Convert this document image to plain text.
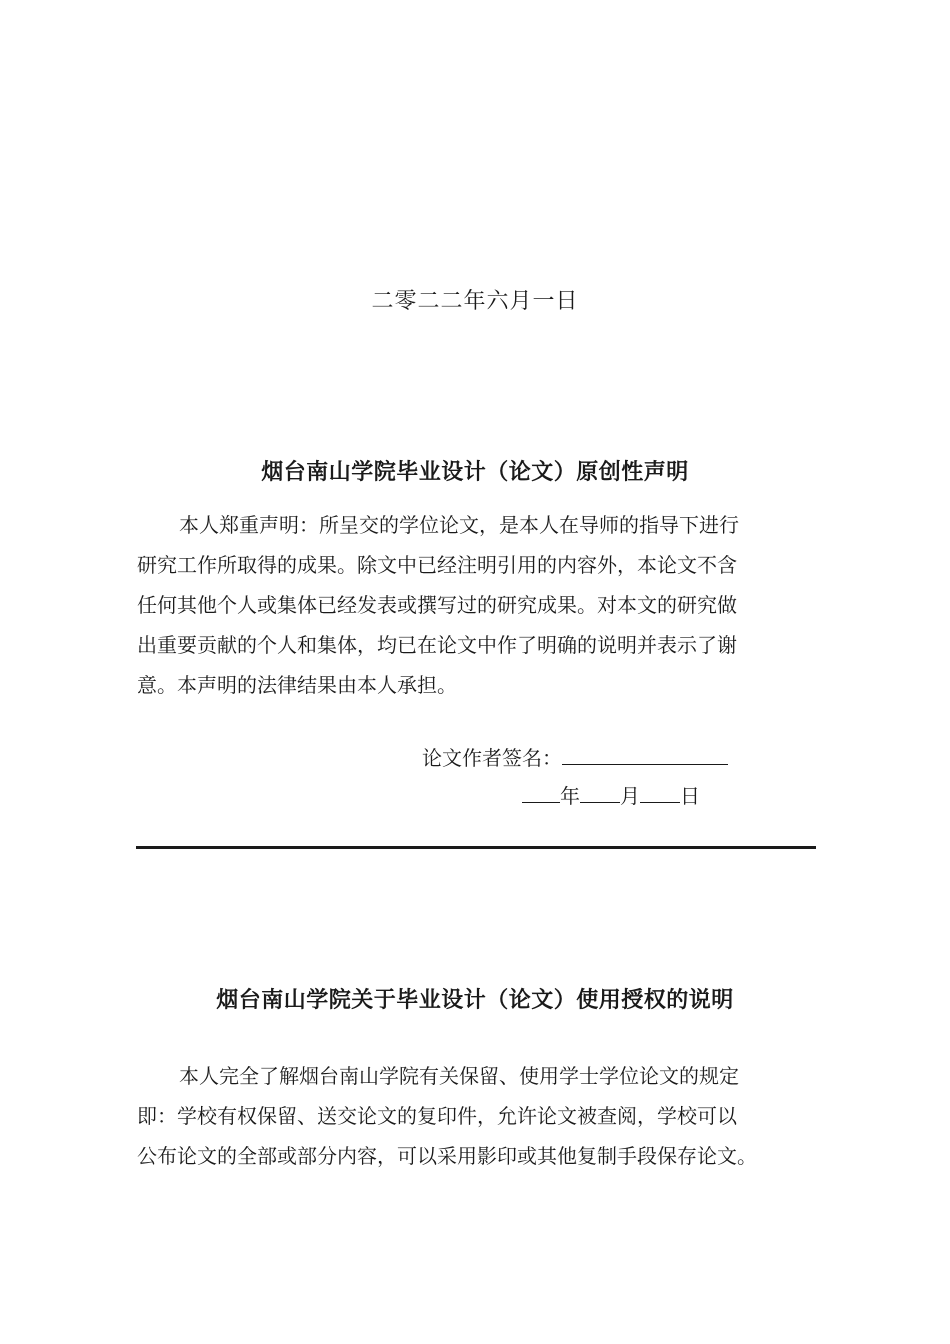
二零二二年六月一日
烟台南山学院毕业设计（论文）原创性声明
本人郑重声明：所呈交的学位论文，是本人在导师的指导下进行
研究工作所取得的成果。除文中已经注明引用的内容外，本论文不含
任何其他个人或集体已经发表或撰写过的研究成果。对本文的研究做
出重要贡献的个人和集体，均已在论文中作了明确的说明并表示了谢
意。本声明的法律结果由本人承担。
论文作者签名：
年 月 日
烟台南山学院关于毕业设计（论文）使用授权的说明
本人完全了解烟台南山学院有关保留、使用学士学位论文的规定
即：学校有权保留、送交论文的复印件，允许论文被查阅，学校可以
公布论文的全部或部分内容，可以采用影印或其他复制手段保存论文。
